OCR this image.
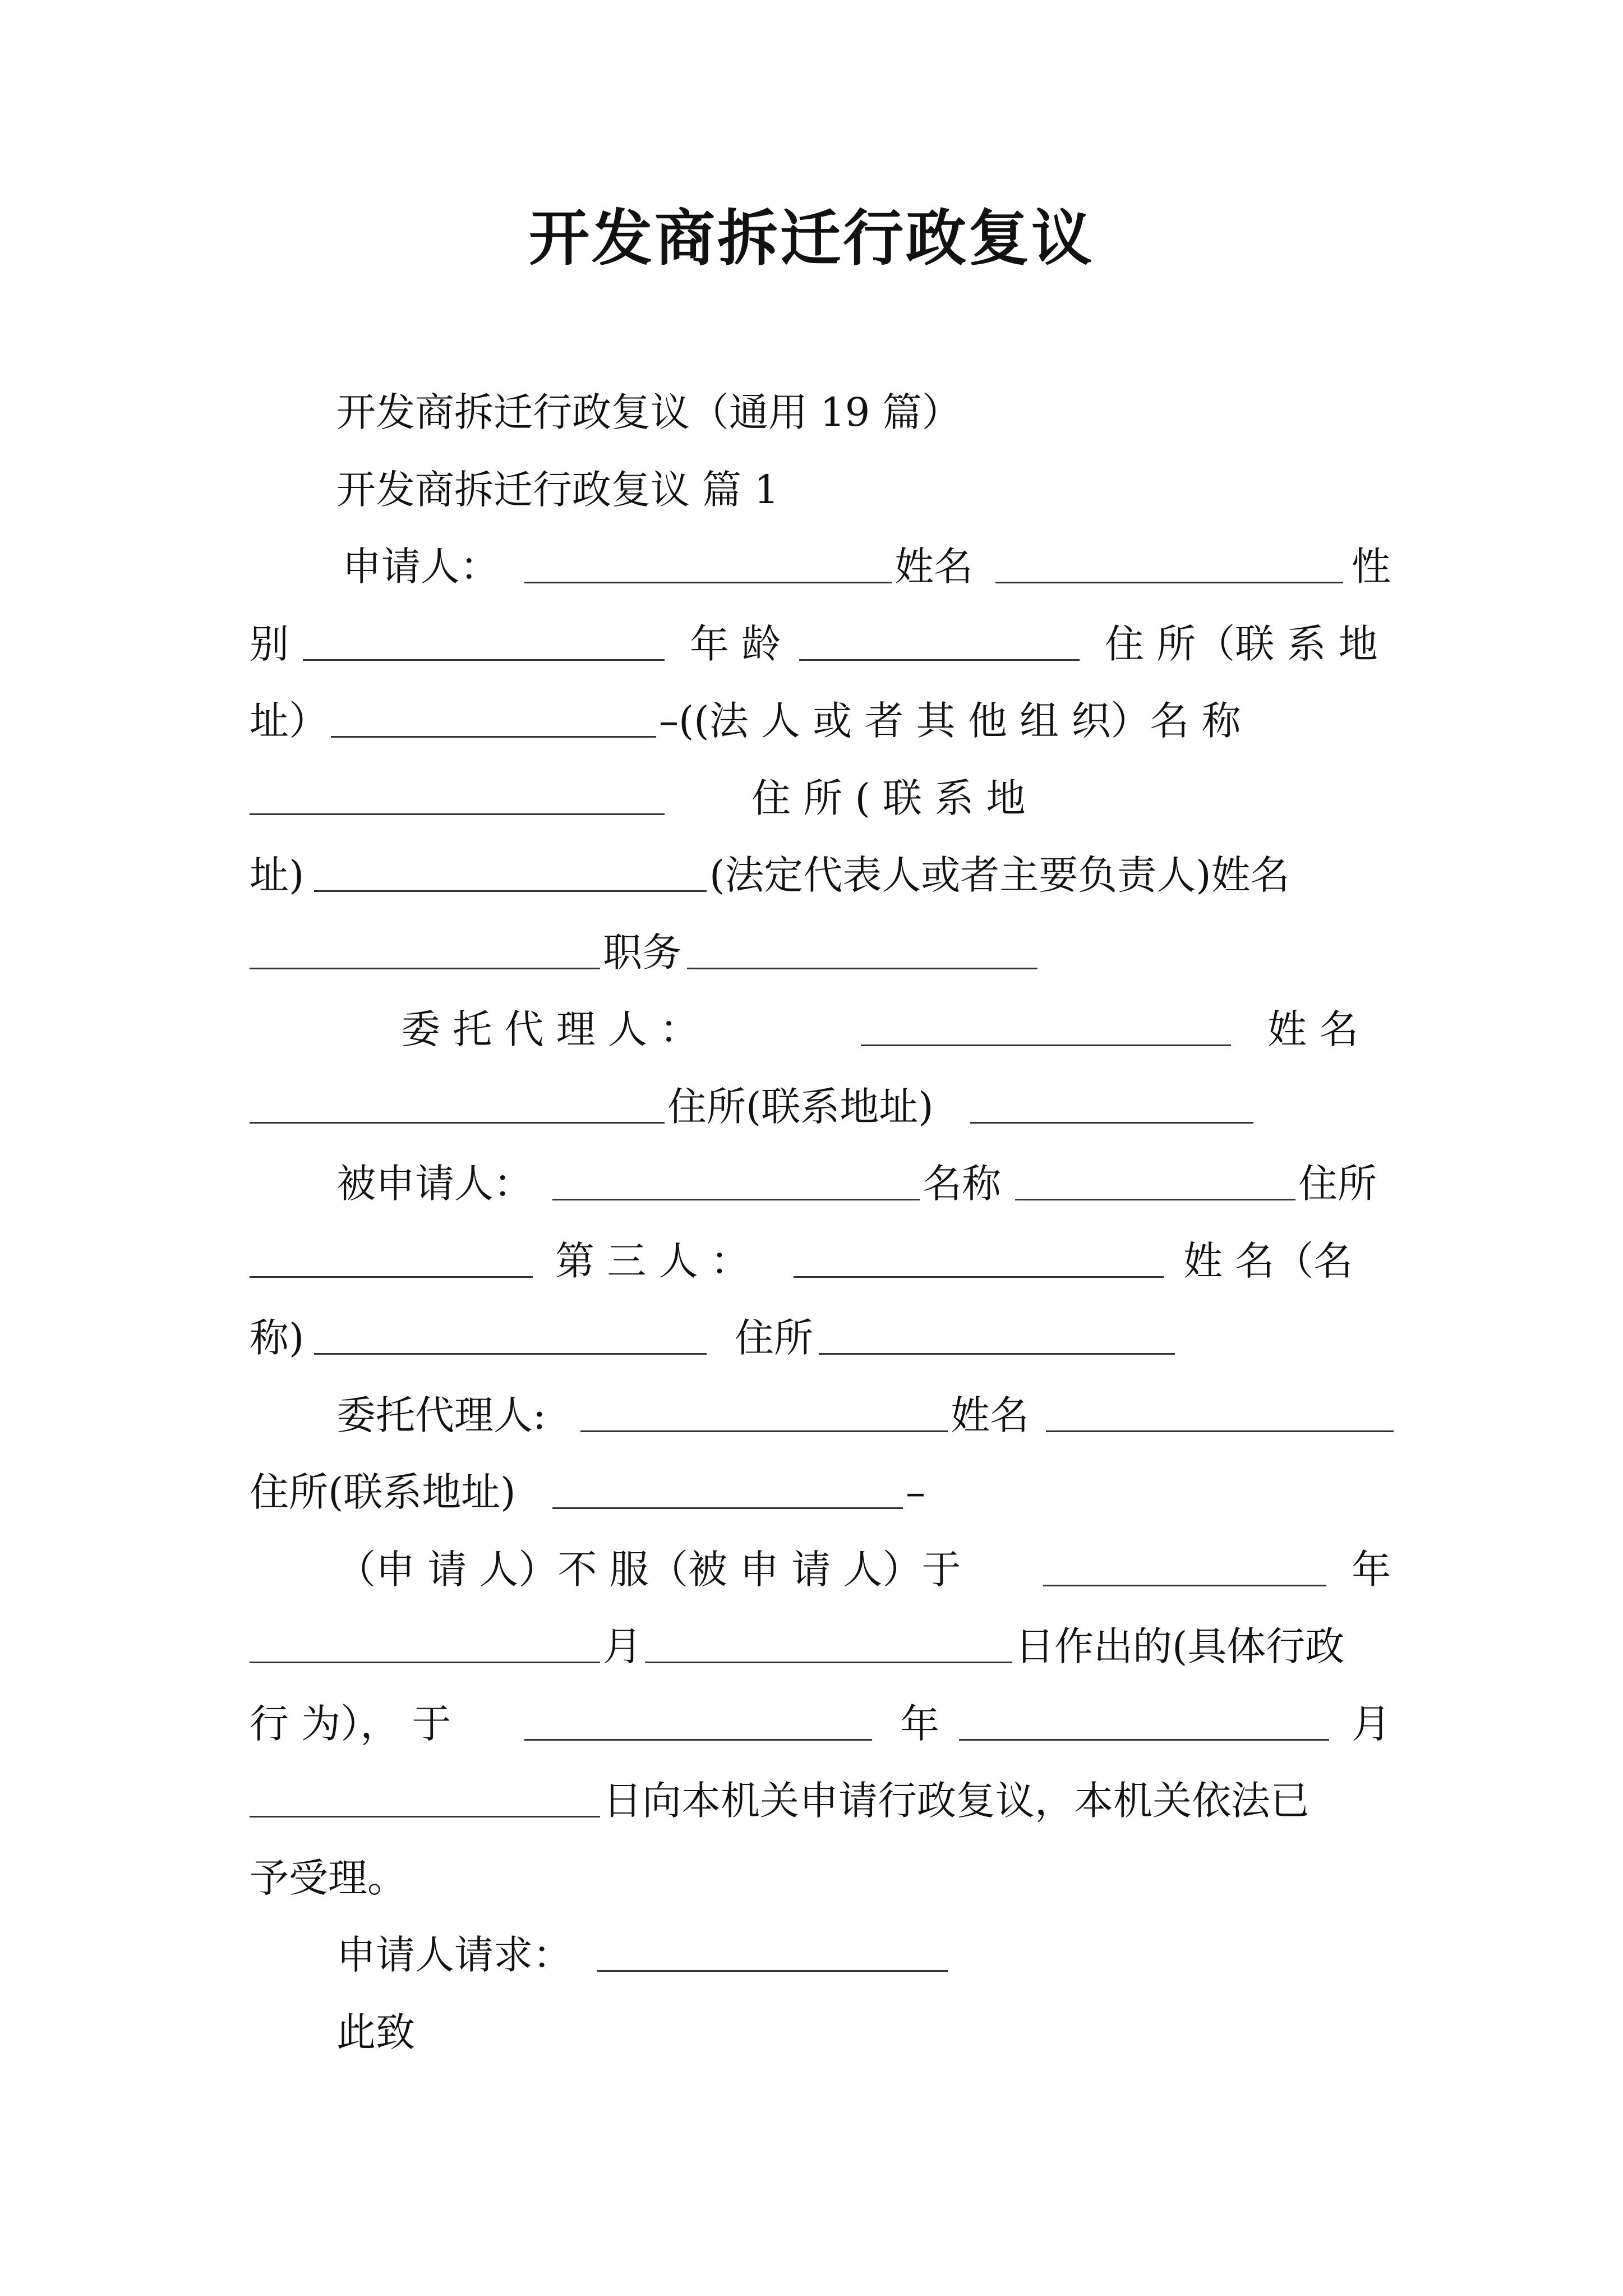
开发商拆迁行政复议
开发商拆迁行政复议（通用 19 篇）
开发商拆迁行政复议 篇 1
申请人：	姓名	性
别	年 龄	住 所（联 系 地
址）	–((法 人 或 者 其 他 组 织）名 称
住 所 ( 联 系 地
址)	(法定代表人或者主要负责人)姓名
职务
委 托 代 理 人 ：	姓 名
住所(联系地址)
被申请人：	名称	住所
第 三 人 ：	姓 名（名
称)	住所
委托代理人:	姓名
住所(联系地址)	–
（申 请 人）不 服（被 申 请 人）于	年
月	日作出的(具体行政
行 为）， 于	年	月
日向本机关申请行政复议，本机关依法已
予受理。
申请人请求：
此致
